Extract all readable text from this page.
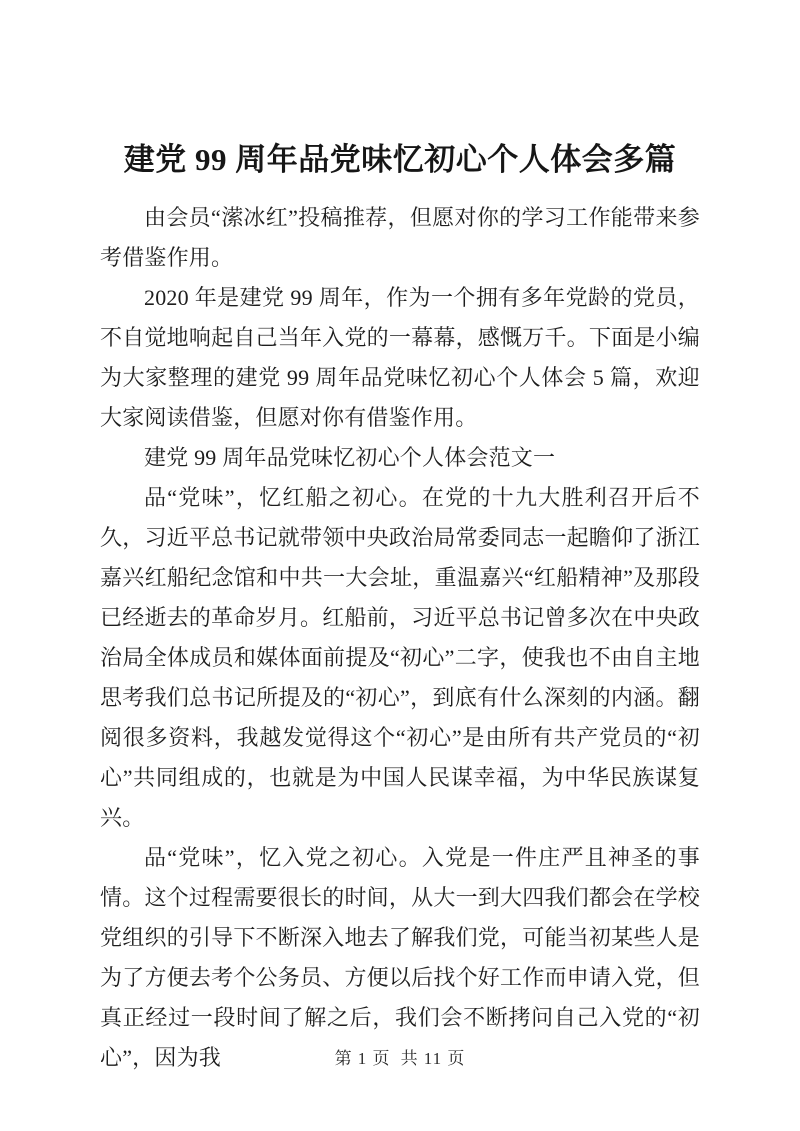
建党 99 周年品党味忆初心个人体会多篇

由会员“潆冰红”投稿推荐，但愿对你的学习工作能带来参考借鉴作用。

2020 年是建党 99 周年，作为一个拥有多年党龄的党员，不自觉地响起自己当年入党的一幕幕，感慨万千。下面是小编为大家整理的建党 99 周年品党味忆初心个人体会 5 篇，欢迎大家阅读借鉴，但愿对你有借鉴作用。

建党 99 周年品党味忆初心个人体会范文一

品“党味”，忆红船之初心。在党的十九大胜利召开后不久，习近平总书记就带领中央政治局常委同志一起瞻仰了浙江嘉兴红船纪念馆和中共一大会址，重温嘉兴“红船精神”及那段已经逝去的革命岁月。红船前，习近平总书记曾多次在中央政治局全体成员和媒体面前提及“初心”二字，使我也不由自主地思考我们总书记所提及的“初心”，到底有什么深刻的内涵。翻阅很多资料，我越发觉得这个“初心”是由所有共产党员的“初心”共同组成的，也就是为中国人民谋幸福，为中华民族谋复兴。

品“党味”，忆入党之初心。入党是一件庄严且神圣的事情。这个过程需要很长的时间，从大一到大四我们都会在学校党组织的引导下不断深入地去了解我们党，可能当初某些人是为了方便去考个公务员、方便以后找个好工作而申请入党，但真正经过一段时间了解之后，我们会不断拷问自己入党的“初心”，因为我	第 1 页 共 11 页
